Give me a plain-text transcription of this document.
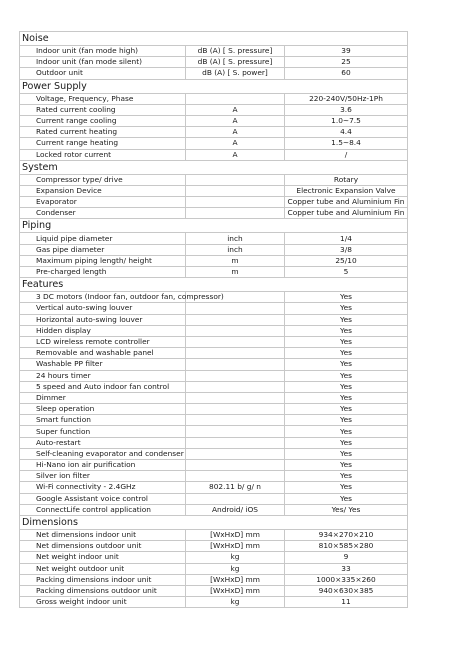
Noise		
Indoor unit (fan mode high)	dB (A) [ S. pressure]	39
Indoor unit (fan mode silent)	dB (A) [ S. pressure]	25
Outdoor unit	dB (A) [ S. power]	60
Power Supply		
Voltage, Frequency, Phase		220-240V/50Hz-1Ph
Rated current cooling	A	3.6
Current range cooling	A	1.0~7.5
Rated current heating	A	4.4
Current range heating	A	1.5~8.4
Locked rotor current	A	/
System		
Compressor type/ drive		Rotary
Expansion Device		Electronic Expansion Valve
Evaporator		Copper tube and Aluminium Fin
Condenser		Copper tube and Aluminium Fin
Piping		
Liquid pipe diameter	inch	1/4
Gas pipe diameter	inch	3/8
Maximum piping length/ height	m	25/10
Pre-charged length	m	5
Features		
3 DC motors (Indoor fan, outdoor fan, compressor)		Yes
Vertical auto-swing louver		Yes
Horizontal auto-swing louver		Yes
Hidden display		Yes
LCD wireless remote controller		Yes
Removable and washable panel		Yes
Washable PP filter		Yes
24 hours timer		Yes
5 speed and Auto indoor fan control		Yes
Dimmer		Yes
Sleep operation		Yes
Smart function		Yes
Super function		Yes
Auto-restart		Yes
Self-cleaning evaporator and condenser		Yes
Hi-Nano ion air purification		Yes
Silver ion filter		Yes
Wi-Fi connectivity - 2.4GHz	802.11 b/ g/ n	Yes
Google Assistant voice control		Yes
ConnectLife control application	Android/ iOS	Yes/ Yes
Dimensions		
Net dimensions indoor unit	[WxHxD] mm	934×270×210
Net dimensions outdoor unit	[WxHxD] mm	810×585×280
Net weight indoor unit	kg	9
Net weight outdoor unit	kg	33
Packing dimensions indoor unit	[WxHxD] mm	1000×335×260
Packing dimensions outdoor unit	[WxHxD] mm	940×630×385
Gross weight indoor unit	kg	11
